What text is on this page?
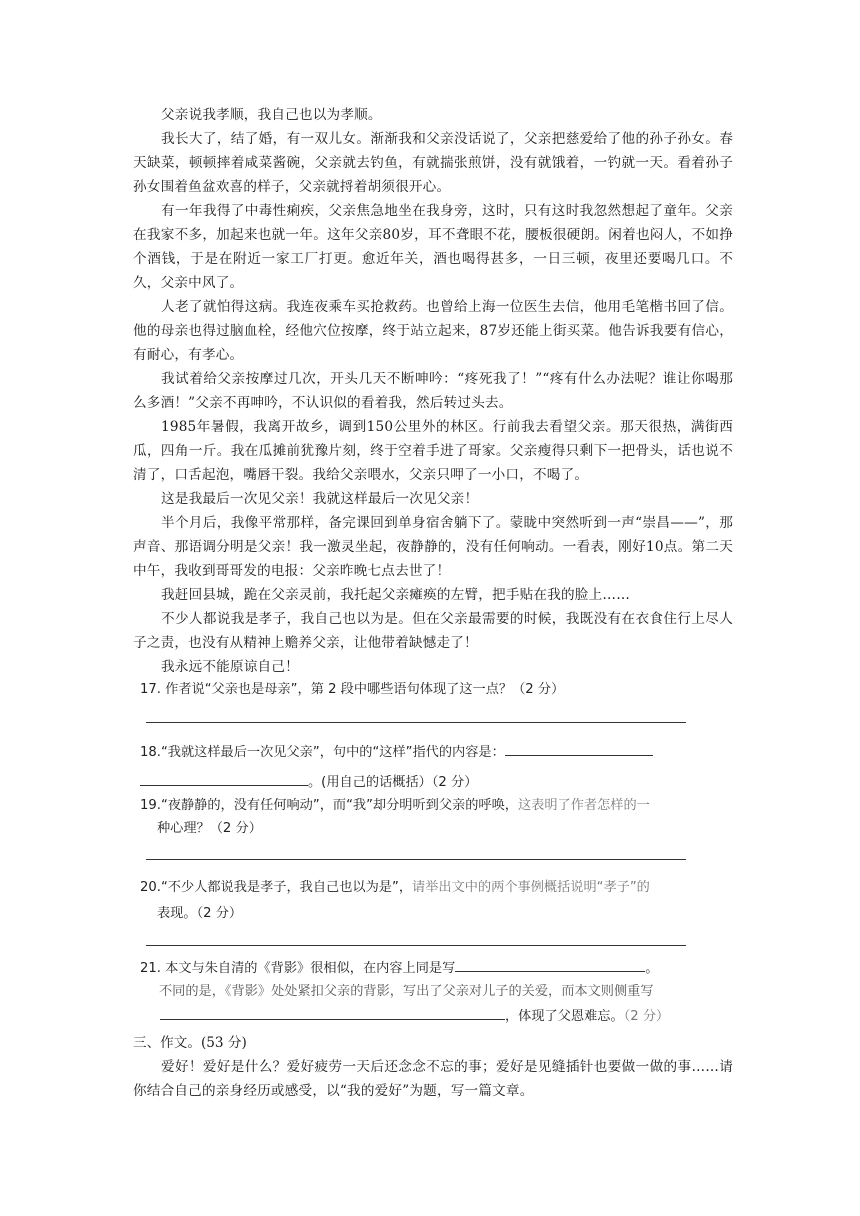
父亲说我孝顺，我自己也以为孝顺。

我长大了，结了婚，有一双儿女。渐渐我和父亲没话说了，父亲把慈爱给了他的孙子孙女。春天缺菜，顿顿摔着咸菜酱碗，父亲就去钓鱼，有就揣张煎饼，没有就饿着，一钓就一天。看着孙子孙女围着鱼盆欢喜的样子，父亲就捋着胡须很开心。

有一年我得了中毒性痢疾，父亲焦急地坐在我身旁，这时，只有这时我忽然想起了童年。父亲在我家不多，加起来也就一年。这年父亲80岁，耳不聋眼不花，腰板很硬朗。闲着也闷人，不如挣个酒钱，于是在附近一家工厂打更。愈近年关，酒也喝得甚多，一日三顿，夜里还要喝几口。不久，父亲中风了。

人老了就怕得这病。我连夜乘车买抢救药。也曾给上海一位医生去信，他用毛笔楷书回了信。他的母亲也得过脑血栓，经他穴位按摩，终于站立起来，87岁还能上街买菜。他告诉我要有信心，有耐心，有孝心。

我试着给父亲按摩过几次，开头几天不断呻吟：“疼死我了！”“疼有什么办法呢？谁让你喝那么多酒！”父亲不再呻吟，不认识似的看着我，然后转过头去。

1985年暑假，我离开故乡，调到150公里外的林区。行前我去看望父亲。那天很热，满街西瓜，四角一斤。我在瓜摊前犹豫片刻，终于空着手进了哥家。父亲瘦得只剩下一把骨头，话也说不清了，口舌起泡，嘴唇干裂。我给父亲喂水，父亲只呷了一小口，不喝了。

这是我最后一次见父亲！我就这样最后一次见父亲！

半个月后，我像平常那样，备完课回到单身宿舍躺下了。蒙眬中突然听到一声“崇昌——”，那声音、那语调分明是父亲！我一激灵坐起，夜静静的，没有任何响动。一看表，刚好10点。第二天中午，我收到哥哥发的电报：父亲昨晚七点去世了！

我赶回县城，跪在父亲灵前，我托起父亲瘫痪的左臂，把手贴在我的脸上……

不少人都说我是孝子，我自己也以为是。但在父亲最需要的时候，我既没有在衣食住行上尽人子之责，也没有从精神上赡养父亲，让他带着缺憾走了！

我永远不能原谅自己！

17. 作者说“父亲也是母亲”，第 2 段中哪些语句体现了这一点？（2 分）

18.“我就这样最后一次见父亲”，句中的“这样”指代的内容是：

。(用自己的话概括）（2 分）

19.“夜静静的，没有任何响动”，而“我”却分明听到父亲的呼唤，这表明了作者怎样的一

种心理？（2 分）

20.“不少人都说我是孝子，我自己也以为是”，请举出文中的两个事例概括说明“孝子”的

表现。（2 分）

21. 本文与朱自清的《背影》很相似，在内容上同是写	。

不同的是，《背影》处处紧扣父亲的背影，写出了父亲对儿子的关爱，而本文则侧重写

，体现了父恩难忘。（2 分）

三、作文。(53 分)

爱好！爱好是什么？爱好疲劳一天后还念念不忘的事；爱好是见缝插针也要做一做的事……请你结合自己的亲身经历或感受，以“我的爱好”为题，写一篇文章。
